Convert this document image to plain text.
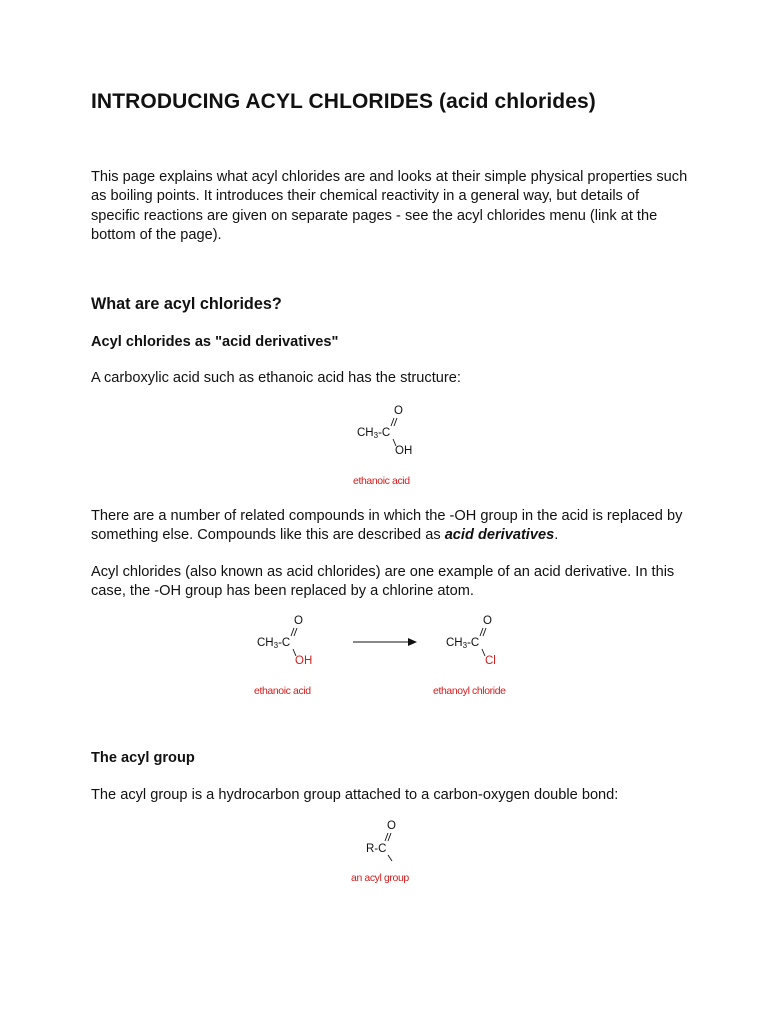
INTRODUCING ACYL CHLORIDES (acid chlorides)

This page explains what acyl chlorides are and looks at their simple physical properties such as boiling points. It introduces their chemical reactivity in a general way, but details of specific reactions are given on separate pages - see the acyl chlorides menu (link at the bottom of the page).

What are acyl chlorides?
Acyl chlorides as "acid derivatives"

A carboxylic acid such as ethanoic acid has the structure:

O
CH3-C
OH

ethanoic acid

There are a number of related compounds in which the -OH group in the acid is replaced by something else. Compounds like this are described as acid derivatives.

Acyl chlorides (also known as acid chlorides) are one example of an acid derivative. In this case, the -OH group has been replaced by a chlorine atom.

O
CH3-C
OH

ethanoic acid

O
CH3-C
Cl

ethanoyl chloride

The acyl group

The acyl group is a hydrocarbon group attached to a carbon-oxygen double bond:

O
R-C

an acyl group
